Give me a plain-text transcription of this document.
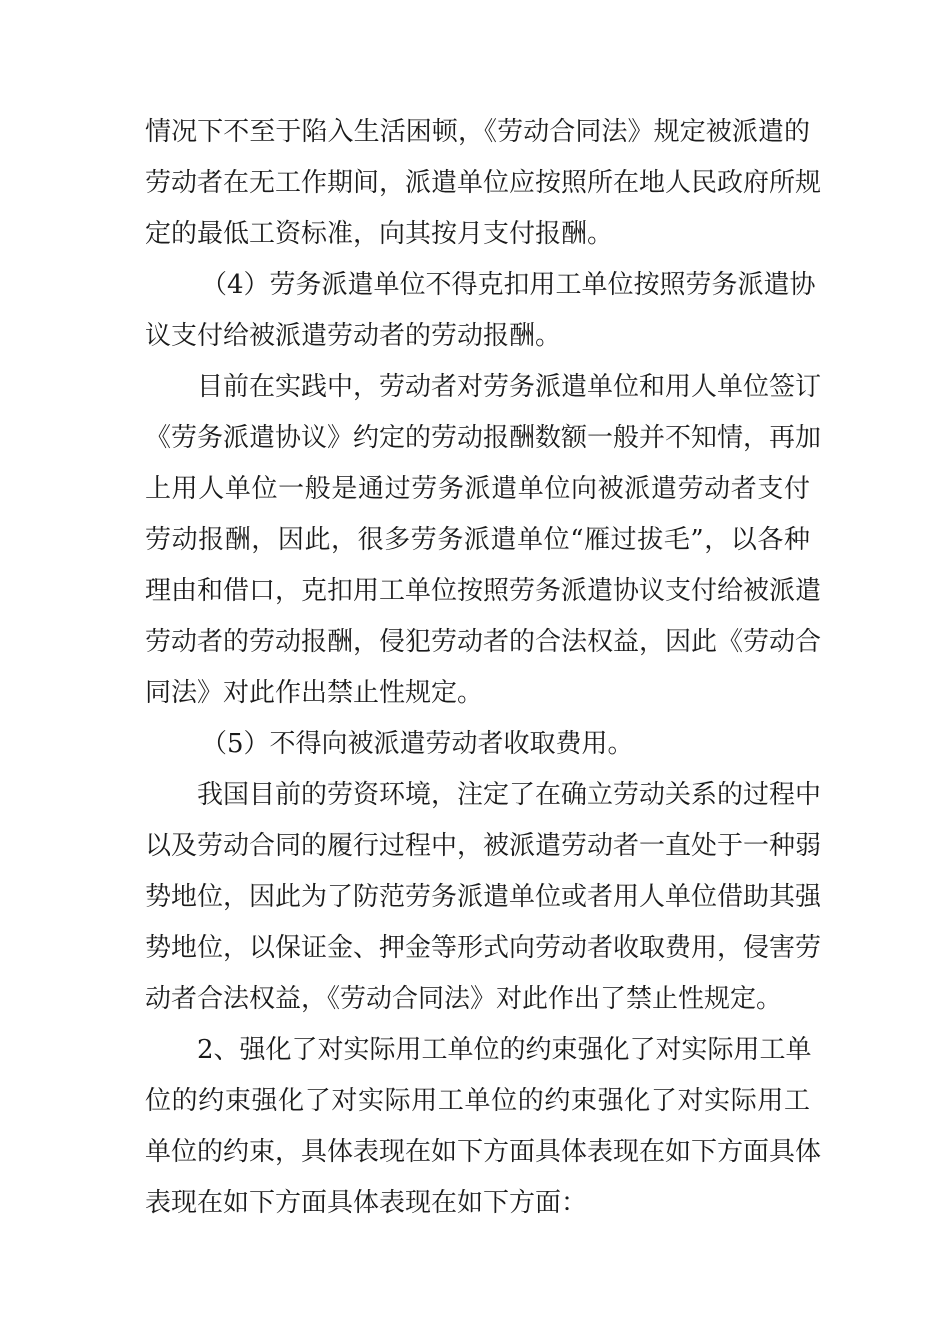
情况下不至于陷入生活困顿，《劳动合同法》规定被派遣的
劳动者在无工作期间，派遣单位应按照所在地人民政府所规
定的最低工资标准，向其按月支付报酬。
（4）劳务派遣单位不得克扣用工单位按照劳务派遣协
议支付给被派遣劳动者的劳动报酬。
目前在实践中，劳动者对劳务派遣单位和用人单位签订
《劳务派遣协议》约定的劳动报酬数额一般并不知情，再加
上用人单位一般是通过劳务派遣单位向被派遣劳动者支付
劳动报酬，因此，很多劳务派遣单位“雁过拔毛”，以各种
理由和借口，克扣用工单位按照劳务派遣协议支付给被派遣
劳动者的劳动报酬，侵犯劳动者的合法权益，因此《劳动合
同法》对此作出禁止性规定。
（5）不得向被派遣劳动者收取费用。
我国目前的劳资环境，注定了在确立劳动关系的过程中
以及劳动合同的履行过程中，被派遣劳动者一直处于一种弱
势地位，因此为了防范劳务派遣单位或者用人单位借助其强
势地位，以保证金、押金等形式向劳动者收取费用，侵害劳
动者合法权益，《劳动合同法》对此作出了禁止性规定。
2、强化了对实际用工单位的约束强化了对实际用工单
位的约束强化了对实际用工单位的约束强化了对实际用工
单位的约束，具体表现在如下方面具体表现在如下方面具体
表现在如下方面具体表现在如下方面：
